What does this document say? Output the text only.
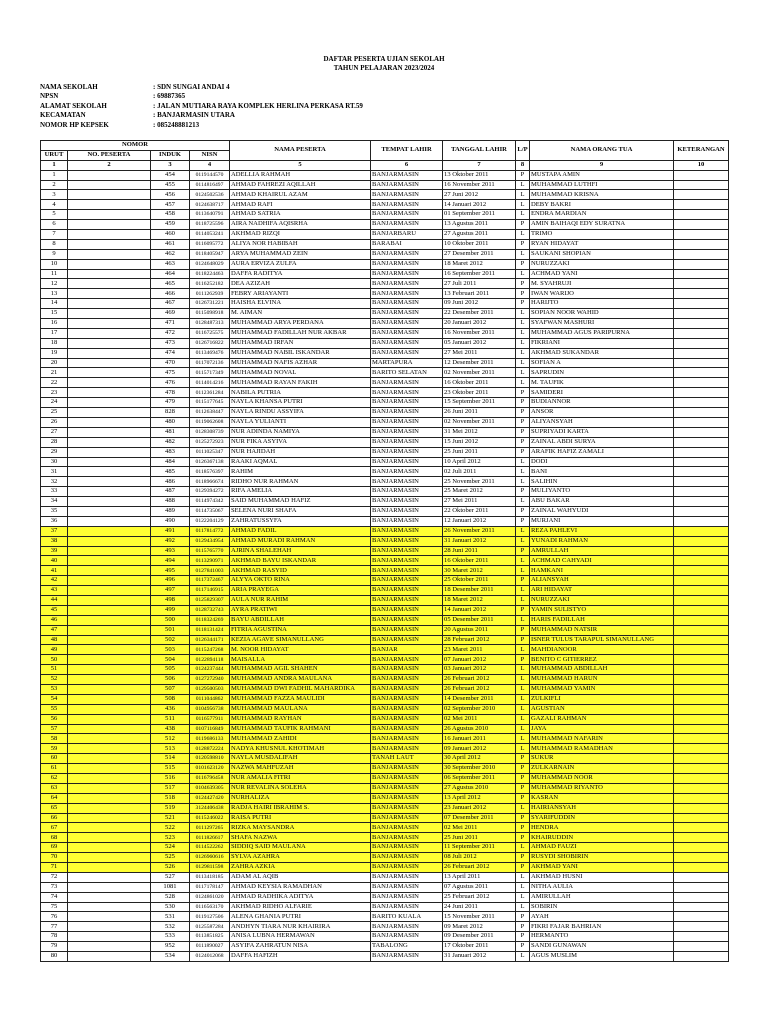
DAFTAR PESERTA UJIAN SEKOLAH
TAHUN PELAJARAN 2023/2024
NAMA SEKOLAH	: SDN SUNGAI ANDAI 4
NPSN	: 69887365
ALAMAT SEKOLAH	: JALAN MUTIARA RAYA KOMPLEK HERLINA PERKASA RT.59
KECAMATAN	: BANJARMASIN UTARA
NOMOR HP KEPSEK	: 085248881213
NOMOR				NAMA PESERTA	TEMPAT LAHIR	TANGGAL LAHIR	L/P	NAMA ORANG TUA	KETERANGAN
URUT	NO. PESERTA	INDUK	NISN						
1	2	3	4	5	6	7	8	9	10
1		454	0119144570	ADELLIA RAHMAH	BANJARMASIN	13 Oktober 2011	P	MUSTAPA AMIN	
2		455	0114816497	AHMAD FAHREZI AQILLAH	BANJARMASIN	16 November 2011	L	MUHAMMAD LUTHFI	
3		456	0124502536	AHMAD KHAIRUL AZAM	BANJARMASIN	27 Juni 2012	L	MUHAMMAD KRISNA	
4		457	0124638717	AHMAD RAFI	BANJARMASIN	14 Januari 2012	L	DEBY BAKRI	
5		458	0113640791	AHMAD SATRIA	BANJARMASIN	01 September 2011	L	ENDRA MARDIAN	
6		459	0118725596	AIRA NADHIFA AQISRHA	BANJARMASIN	13 Agustus 2011	P	AMIN BAIHAQI EDY SURATNA	
7		460	0114053241	AKHMAD RIZQI	BANJARBARU	27 Agustus 2011	L	TRIMO	
8		461	0116095772	ALIYA NOR HABIBAH	BARABAI	10 Oktober 2011	P	RYAN HIDAYAT	
9		462	0118405947	ARYA MUHAMMAD ZEIN	BANJARMASIN	27 Desember 2011	L	SAUKANI SHOPIAN	
10		463	0124648029	AURA ERVIZA ZULFA	BANJARMASIN	18 Maret 2012	P	NURUZZAKI	
11		464	0118224463	DAFFA RADITYA	BANJARMASIN	16 September 2011	L	ACHMAD YANI	
12		465	0116252182	DEA AZIZAH	BANJARMASIN	27 Juli 2011	P	M. SYAHRUJI	
13		466	0111262939	FEBRY ARIAYANTI	BANJARMASIN	13 Februari 2011	P	IWAN WARIJO	
14		467	0126731221	HAISHA ELVINA	BANJARMASIN	09 Juni 2012	P	HARIJTO	
15		469	0115098918	M. AIMAN	BANJARMASIN	22 Desember 2011	L	SOPIAN NOOR WAHID	
16		471	0128487313	MUHAMMAD ARYA PERDANA	BANJARMASIN	20 Januari 2012	L	SYAFWAN MASHURI	
17		472	0116725575	MUHAMMAD FADILLAH NUR AKBAR	BANJARMASIN	16 November 2011	L	MUHAMMAD AGUS PARIPURNA	
18		473	0126716822	MUHAMMAD IRFAN	BANJARMASIN	05 Januari 2012	L	FIKRIANI	
19		474	0113469476	MUHAMMAD NABIL ISKANDAR	BANJARMASIN	27 Mei 2011	L	AKHMAD SUKANDAR	
20		470	0117072136	MUHAMMAD NAFIS AZHAR	MARTAPURA	12 Desember 2011	L	SOFIAN A	
21		475	0115717349	MUHAMMAD NOVAL	BARITO SELATAN	02 November 2011	L	SAPRUDIN	
22		476	0114014216	MUHAMMAD RAYAN FAKIH	BANJARMASIN	16 Oktober 2011	L	M. TAUFIK	
23		478	0112361284	NABILA PUTRIA	BANJARMASIN	23 Oktober 2011	P	SAMIDERI	
24		479	0115177645	NAYLA KHANSA PUTRI	BANJARMASIN	15 September 2011	P	BUDIANNOR	
25		828	0112638447	NAYLA RINDU ASSYIFA	BANJARMASIN	26 Juni 2011	P	ANSOR	
26		480	0119062608	NAYLA YULIANTI	BANJARMASIN	02 November 2011	P	ALIYANSYAH	
27		481	0128308739	NUR ADINDA NAMIYA	BANJARMASIN	31 Mei 2012	P	SUPRIYADI KARTA	
28		482	0125272923	NUR FIKA ASYIVA	BANJARMASIN	15 Juni 2012	P	ZAINAL ABDI SURYA	
29		483	0111025347	NUR HAJIDAH	BANJARMASIN	25 Juni 2011	P	ARAFIK HAFIZ ZAMALI	
30		484	0126367138	RAAKI AQMAL	BANJARMASIN	10 April 2012	L	DODI	
31		485	0118576397	RAHIM	BANJARMASIN	02 Juli 2011	L	BANI	
32		486	0118966674	RIDHO NUR RAHMAN	BANJARMASIN	25 November 2011	L	SALIHIN	
33		487	0129394272	RIFA AMELIA	BANJARMASIN	25 Maret 2012	P	MULIYANTO	
34		488	0114974342	SAID MUHAMMAD HAFIZ	BANJARMASIN	27 Mei 2011	L	ABU BAKAR	
35		489	0114735067	SELENA NURI SHAFA	BANJARMASIN	22 Oktober 2011	P	ZAINAL WAHYUDI	
36		490	0122204129	ZAHRATUSSYFA	BANJARMASIN	12 Januari 2012	P	MURJANI	
37		491	0117814772	AHMAD FADIL	BANJARMASIN	26 November 2011	L	REZA PAHLEVI	
38		492	0129434954	AHMAD MURADI RAHMAN	BANJARMASIN	31 Januari 2012	L	YUNADI RAHMAN	
39		493	0115765770	AJRINA SHALEHAH	BANJARMASIN	28 Juni 2011	P	AMRULLAH	
40		494	0113290971	AKHMAD BAYU ISKANDAR	BANJARMASIN	16 Oktober 2011	L	ACHMAD CAHYADI	
41		495	0127841003	AKHMAD RASYID	BANJARMASIN	30 Maret 2012	L	HAMKANI	
42		496	0117372467	ALYYA OKTO RINA	BANJARMASIN	25 Oktober 2011	P	ALIANSYAH	
43		497	0117146915	ARIA PRAYEGA	BANJARMASIN	18 Desember 2011	L	ARI HIDAYAT	
44		498	0125829307	AULA NUR RAHIM	BANJARMASIN	18 Maret 2012	L	NURUZZAKI	
45		499	0128732743	AYRA PRATIWI	BANJARMASIN	14 Januari 2012	P	YAMIN SULISTYO	
46		500	0118324269	BAYU ABDILLAH	BANJARMASIN	05 Desember 2011	L	HARIS FADILLAH	
47		501	0118131424	FITRIA AGUSTINA	BANJARMASIN	20 Agustus 2011	P	MUHAMMAD NATSIR	
48		502	0126344171	KEZIA AGAVE SIMANULLANG	BANJARMASIN	28 Februari 2012	P	ISNER TULUS TARAPUL SIMANULLANG	
49		503	0115247268	M. NOOR HIDAYAT	BANJAR	23 Maret 2011	L	MAHDIANOOR	
50		504	0122894118	MAISALLA	BANJARMASIN	07 Januari 2012	P	BENITO C GITIERREZ	
51		505	0124237444	MUHAMMAD AGIL SHAHEN	BANJARMASIN	03 Januari 2012	L	MUHAMMAD ABDILLAH	
52		506	0127272940	MUHAMMAD ANDRA MAULANA	BANJARMASIN	26 Februari 2012	L	MUHAMMAD HARUN	
53		507	0129500503	MUHAMMAD DWI FADHIL MAHARDIKA	BANJARMASIN	26 Februari 2012	L	MUHAMMAD YAMIN	
54		508	0111044862	MUHAMMAD FAZZA MAULIDI	BANJARMASIN	14 Desember 2011	L	ZULKIFLI	
55		436	0104956738	MUHAMMAD MAULANA	BANJARMASIN	02 September 2010	L	AGUSTIAN	
56		511	0116577911	MUHAMMAD RAYHAN	BANJARMASIN	02 Mei 2011	L	GAZALI RAHMAN	
57		438	0107116849	MUHAMMAD TAUFIK RAHMANI	BANJARMASIN	26 Agustus 2010	L	JAYA	
58		512	0119686133	MUHAMMAD ZAHIDI	BANJARMASIN	16 Januari 2011	L	MUHAMMAD NAFARIN	
59		513	0128872224	NADYA KHUSNUL KHOTIMAH	BANJARMASIN	09 Januari 2012	L	MUHAMMAD RAMADHAN	
60		514	0120598810	NAYLA MUSDALIFAH	TANAH LAUT	30 April 2012	P	SUKUR	
61		515	0101623120	NAZWA MAHFUZAH	BANJARMASIN	30 September 2010	P	ZULKARNAIN	
62		516	0116796458	NUR AMALIA FITRI	BANJARMASIN	06 September 2011	P	MUHAMMAD NOOR	
63		517	0104639305	NUR REVALINA SOLEHA	BANJARMASIN	27 Agustus 2010	P	MUHAMMAD RIYANTO	
64		518	0124427420	NURHALIZA	BANJARMASIN	13 April 2012	P	KASRAN	
65		519	3124406438	RADJA HAIRI IBRAHIM S.	BANJARMASIN	23 Januari 2012	L	HAIRIANSYAH	
66		521	0115246022	RAISA PUTRI	BANJARMASIN	07 Desember 2011	P	SYARIFUDDIN	
67		522	0111297265	RIZKA MAYSANDRA	BANJARMASIN	02 Mei 2011	P	HENDRA	
68		523	0111826617	SHAFA NAZWA	BANJARMASIN	25 Juni 2011	P	KHAIRUDDIN	
69		524	0114522262	SIDDIQ SAID MAULANA	BANJARMASIN	11 September 2011	L	AHMAD FAUZI	
70		525	0126960616	SYLVA AZAHRA	BANJARMASIN	08 Juli 2012	P	RUSYDI SHOBIRIN	
71		526	0129811598	ZAHRA AZKIA	BANJARMASIN	26 Februari 2012	P	AKHMAD YANI	
72		527	0113418185	ADAM AL AQIB	BANJARMASIN	13 April 2011	L	AKHMAD HUSNI	
73		1081	0117178147	AHMAD KEYSIA RAMADHAN	BANJARMASIN	07 Agustus 2011	L	NITHA AULIA	
74		528	0124861020	AHMAD RADHIKA ADITYA	BANJARMASIN	25 Februari 2012	L	AMIRULLAH	
75		530	0116563170	AKHMAD RIDHO ALFARIE	BANJARMASIN	24 Juni 2011	L	SOBIRIN	
76		531	0119127506	ALENA GHANIA PUTRI	BARITO KUALA	15 November 2011	P	AYAH	
77		532	0125587284	ANDHYN TIARA NUR KHAIRIRA	BANJARMASIN	09 Maret 2012	P	FIKRI FAJAR BAHRIAN	
78		533	0113851825	ANISA LUBNA HERMAWAN	BANJARMASIN	09 Desember 2011	P	HERMANTO	
79		952	0111890027	ASYIFA ZAHRATUN NISA	TABALONG	17 Oktober 2011	P	SANDI GUNAWAN	
80		534	0124012068	DAFFA HAFIZH	BANJARMASIN	31 Januari 2012	L	AGUS MUSLIM	
